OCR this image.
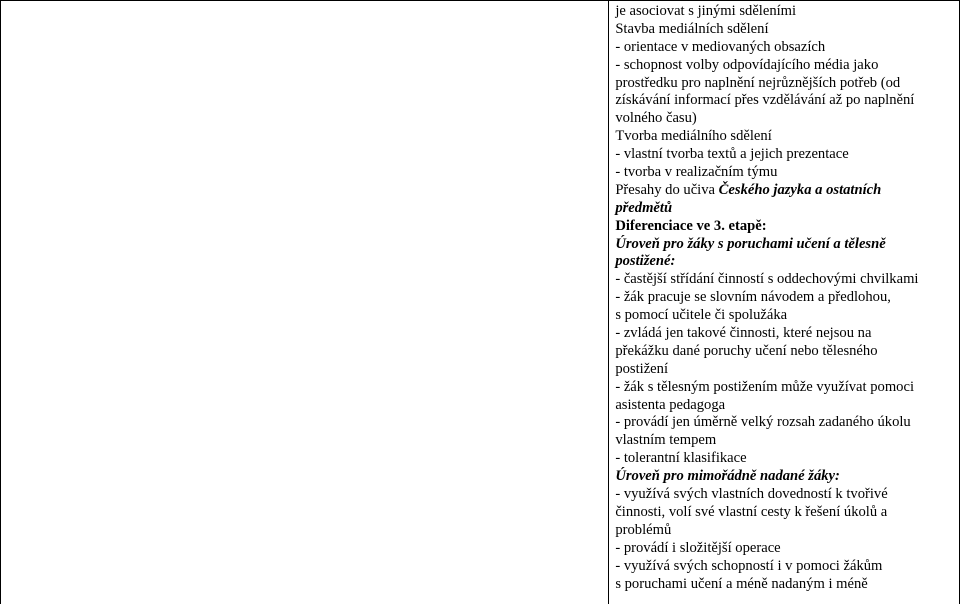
je asociovat s jinými sděleními
Stavba mediálních sdělení
- orientace v mediovaných obsazích
- schopnost volby odpovídajícího média jako
prostředku pro naplnění nejrůznějších potřeb (od
získávání informací přes vzdělávání až po naplnění
volného času)
Tvorba mediálního sdělení
- vlastní tvorba textů a jejich prezentace
- tvorba v realizačním týmu
Přesahy do učiva Českého jazyka a ostatních
předmětů
Diferenciace ve 3. etapě:
Úroveň pro žáky s poruchami učení a tělesně
postižené:
- častější střídání činností s oddechovými chvilkami
- žák pracuje se slovním návodem a předlohou,
s pomocí učitele či spolužáka
- zvládá jen takové činnosti, které nejsou na
překážku dané poruchy učení nebo tělesného
postižení
- žák s tělesným postižením může využívat pomoci
asistenta pedagoga
- provádí jen úměrně velký rozsah zadaného úkolu
vlastním tempem
- tolerantní klasifikace
Úroveň pro mimořádně nadané žáky:
- využívá svých vlastních dovedností k tvořivé
činnosti, volí své vlastní cesty k řešení úkolů a
problémů
- provádí i složitější operace
- využívá svých schopností i v pomoci žákům
s poruchami učení a méně nadaným i méně
